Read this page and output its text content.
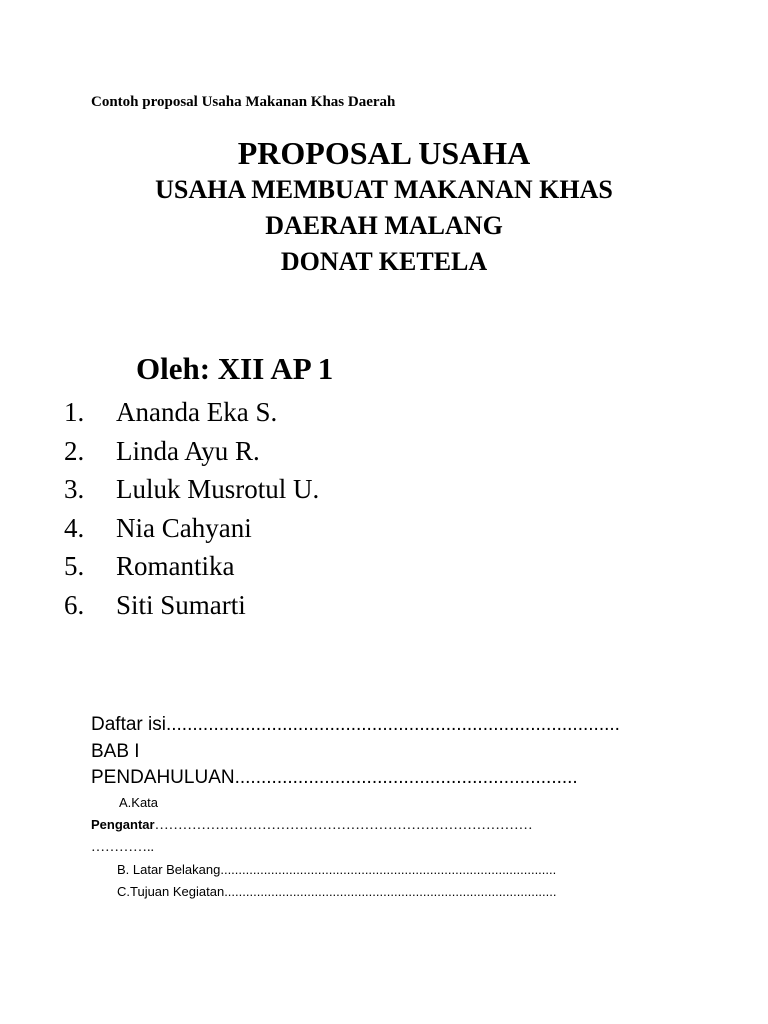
Contoh proposal Usaha Makanan Khas Daerah
PROPOSAL USAHA
USAHA MEMBUAT MAKANAN KHAS
DAERAH MALANG
DONAT KETELA
Oleh: XII AP 1
1. Ananda Eka S.
2. Linda Ayu R.
3. Luluk Musrotul U.
4. Nia Cahyani
5. Romantika
6. Siti Sumarti
Daftar isi......................................................................................
BAB I
PENDAHULUAN.................................................................
A.Kata
Pengantar………………………………………………………………………
…………..
B. Latar Belakang.............................................................................................
C.Tujuan Kegiatan............................................................................................
